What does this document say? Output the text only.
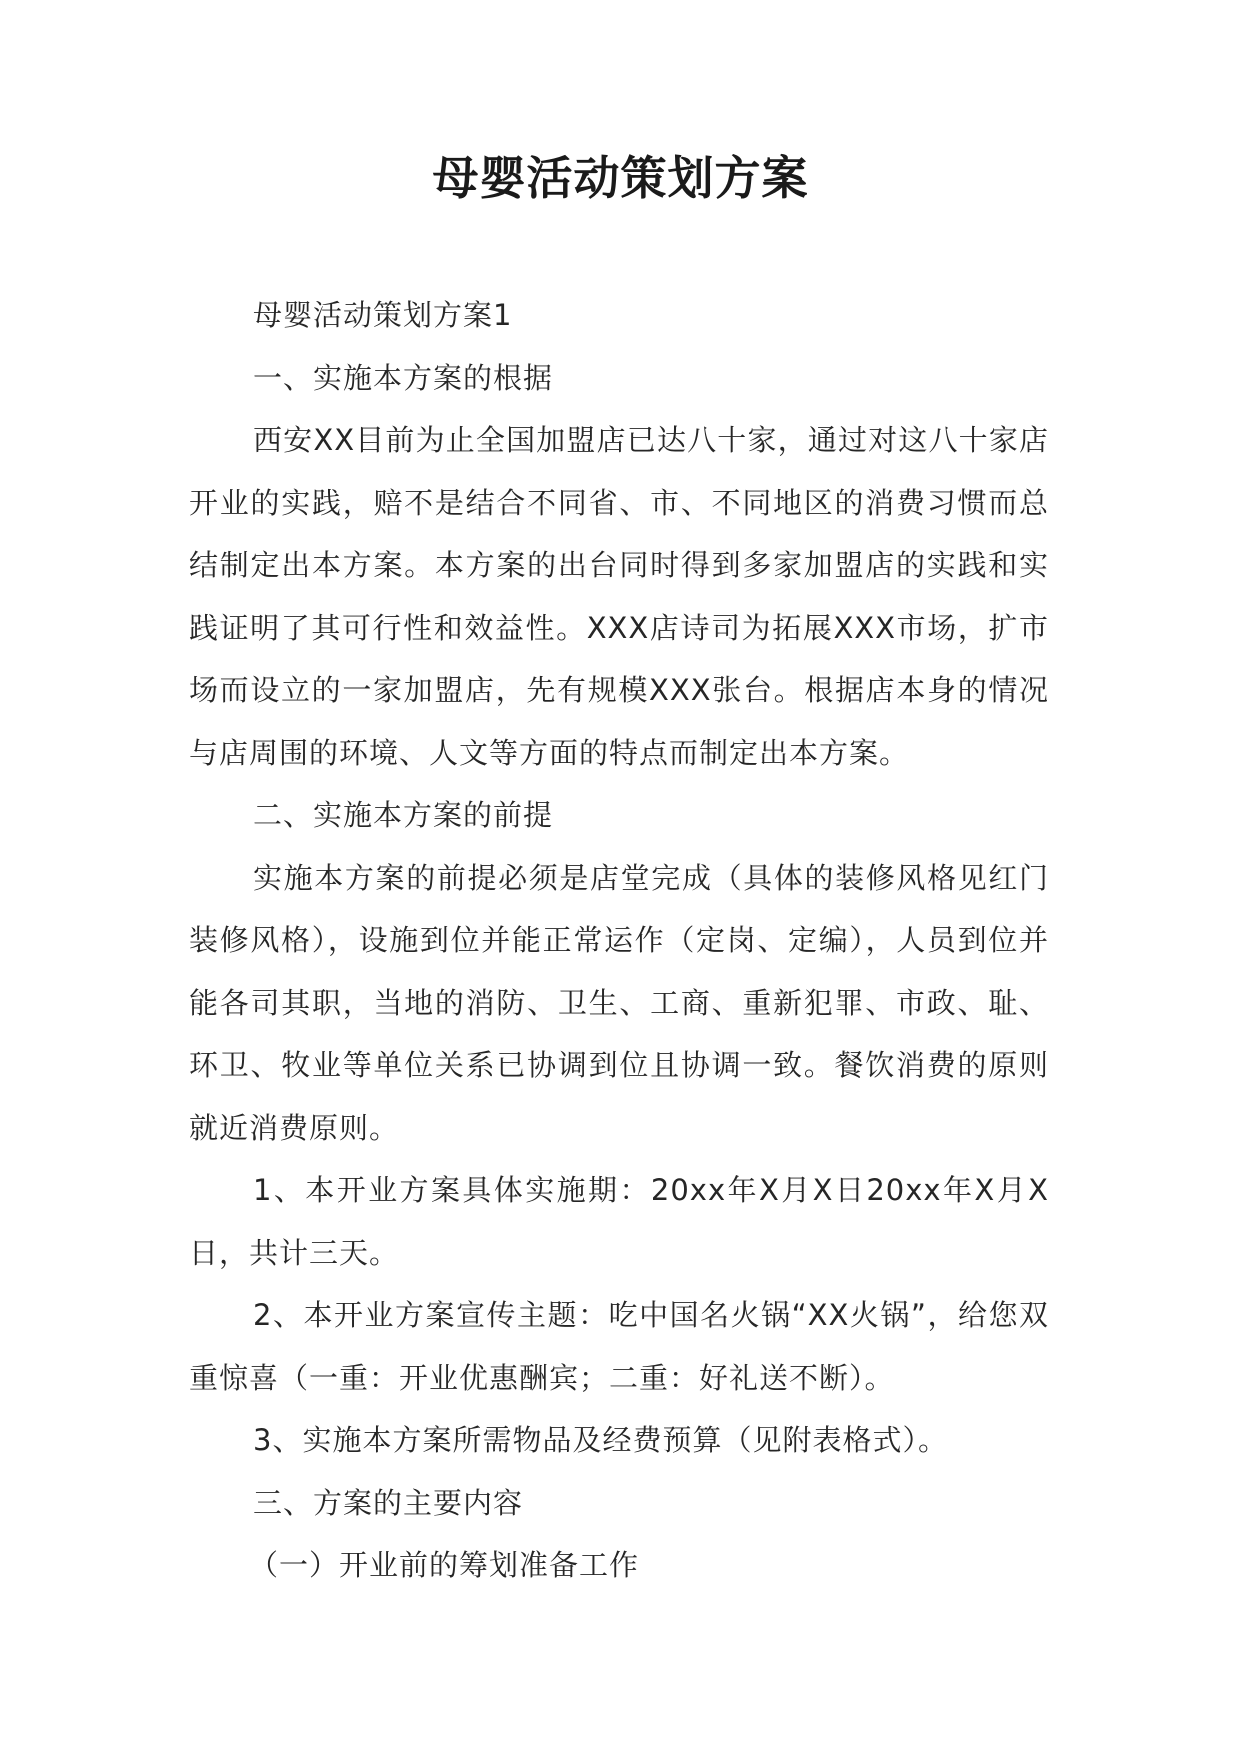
母婴活动策划方案

母婴活动策划方案1

一、实施本方案的根据

西安XX目前为止全国加盟店已达八十家，通过对这八十家店开业的实践，赔不是结合不同省、市、不同地区的消费习惯而总结制定出本方案。本方案的出台同时得到多家加盟店的实践和实践证明了其可行性和效益性。XXX店诗司为拓展XXX市场，扩市场而设立的一家加盟店，先有规模XXX张台。根据店本身的情况与店周围的环境、人文等方面的特点而制定出本方案。

二、实施本方案的前提

实施本方案的前提必须是店堂完成（具体的装修风格见红门装修风格），设施到位并能正常运作（定岗、定编），人员到位并能各司其职，当地的消防、卫生、工商、重新犯罪、市政、耻、环卫、牧业等单位关系已协调到位且协调一致。餐饮消费的原则就近消费原则。

1、本开业方案具体实施期：20xx年X月X日20xx年X月X日，共计三天。

2、本开业方案宣传主题：吃中国名火锅“XX火锅”，给您双重惊喜（一重：开业优惠酬宾；二重：好礼送不断）。

3、实施本方案所需物品及经费预算（见附表格式）。

三、方案的主要内容

（一）开业前的筹划准备工作
